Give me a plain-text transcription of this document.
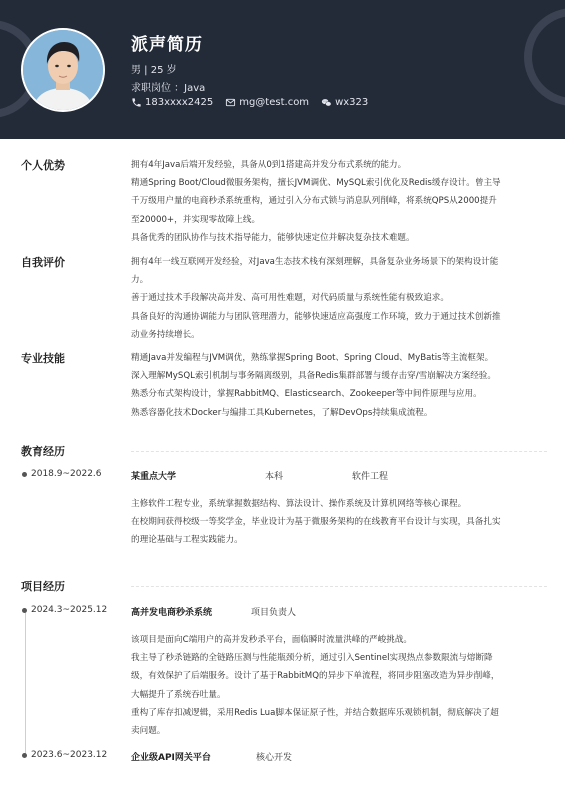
派声简历
男 | 25 岁
求职岗位 ：Java
183xxxx2425	mg@test.com	wx323
个人优势	拥有4年Java后端开发经验，具备从0到1搭建高并发分布式系统的能力。

精通Spring Boot/Cloud微服务架构，擅长JVM调优、MySQL索引优化及Redis缓存设计。曾主导

千万级用户量的电商秒杀系统重构，通过引入分布式锁与消息队列削峰，将系统QPS从2000提升

至20000+，并实现零故障上线。

具备优秀的团队协作与技术指导能力，能够快速定位并解决复杂技术难题。

自我评价	拥有4年一线互联网开发经验，对Java生态技术栈有深刻理解，具备复杂业务场景下的架构设计能

力。

善于通过技术手段解决高并发、高可用性难题，对代码质量与系统性能有极致追求。

具备良好的沟通协调能力与团队管理潜力，能够快速适应高强度工作环境，致力于通过技术创新推

动业务持续增长。

专业技能	精通Java并发编程与JVM调优，熟练掌握Spring Boot、Spring Cloud、MyBatis等主流框架。

深入理解MySQL索引机制与事务隔离级别，具备Redis集群部署与缓存击穿/雪崩解决方案经验。

熟悉分布式架构设计，掌握RabbitMQ、Elasticsearch、Zookeeper等中间件原理与应用。

熟悉容器化技术Docker与编排工具Kubernetes，了解DevOps持续集成流程。

教育经历
2018.9~2022.6	某重点大学	本科	软件工程

主修软件工程专业，系统掌握数据结构、算法设计、操作系统及计算机网络等核心课程。

在校期间获得校级一等奖学金，毕业设计为基于微服务架构的在线教育平台设计与实现，具备扎实

的理论基础与工程实践能力。

项目经历
2024.3~2025.12	高并发电商秒杀系统	项目负责人

该项目是面向C端用户的高并发秒杀平台，面临瞬时流量洪峰的严峻挑战。

我主导了秒杀链路的全链路压测与性能瓶颈分析，通过引入Sentinel实现热点参数限流与熔断降

级，有效保护了后端服务。设计了基于RabbitMQ的异步下单流程，将同步阻塞改造为异步削峰，

大幅提升了系统吞吐量。

重构了库存扣减逻辑，采用Redis Lua脚本保证原子性，并结合数据库乐观锁机制，彻底解决了超

卖问题。

2023.6~2023.12	企业级API网关平台	核心开发
